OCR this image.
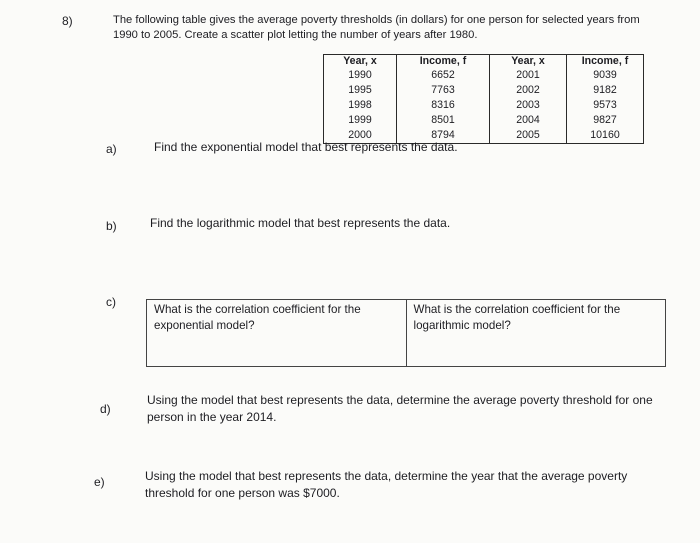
8)	The following table gives the average poverty thresholds (in dollars) for one person for selected years from 1990 to 2005. Create a scatter plot letting the number of years after 1980.
Year, x	Income, f	Year, x	Income, f
1990	6652	2001	9039
1995	7763	2002	9182
1998	8316	2003	9573
1999	8501	2004	9827
2000	8794	2005	10160
a)	Find the exponential model that best represents the data.
b)	Find the logarithmic model that best represents the data.
c)
What is the correlation coefficient for the exponential model?
What is the correlation coefficient for the logarithmic model?
d)
Using the model that best represents the data, determine the average poverty threshold for one person in the year 2014.
e)	Using the model that best represents the data, determine the year that the average poverty threshold for one person was $7000.
